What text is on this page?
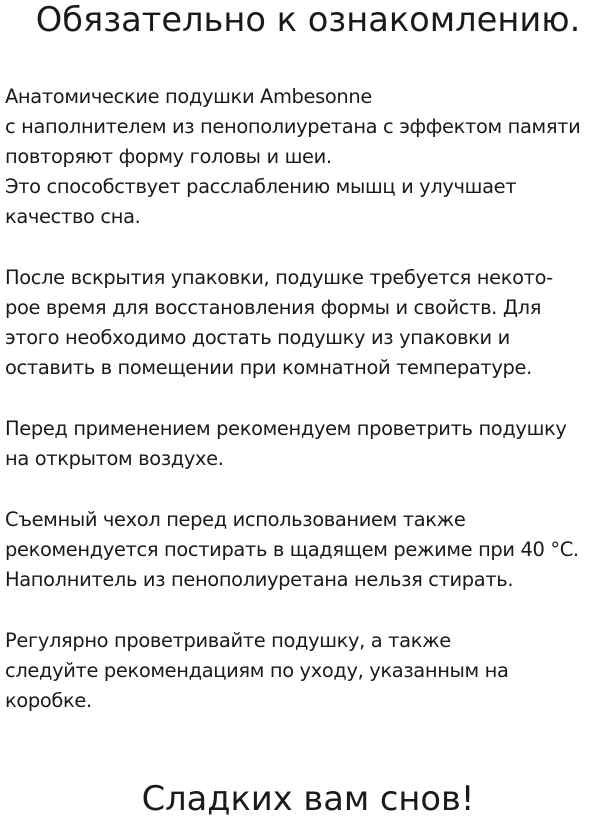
Обязательно к ознакомлению.

Анатомические подушки Ambesonne
с наполнителем из пенополиуретана с эффектом памяти
повторяют форму головы и шеи.
Это способствует расслаблению мышц и улучшает
качество сна.

После вскрытия упаковки, подушке требуется некото-
рое время для восстановления формы и свойств. Для
этого необходимо достать подушку из упаковки и
оставить в помещении при комнатной температуре.

Перед применением рекомендуем проветрить подушку
на открытом воздухе.

Съемный чехол перед использованием также
рекомендуется постирать в щадящем режиме при 40 °С.
Наполнитель из пенополиуретана нельзя стирать.

Регулярно проветривайте подушку, а также
следуйте рекомендациям по уходу, указанным на
коробке.

Сладких вам снов!
